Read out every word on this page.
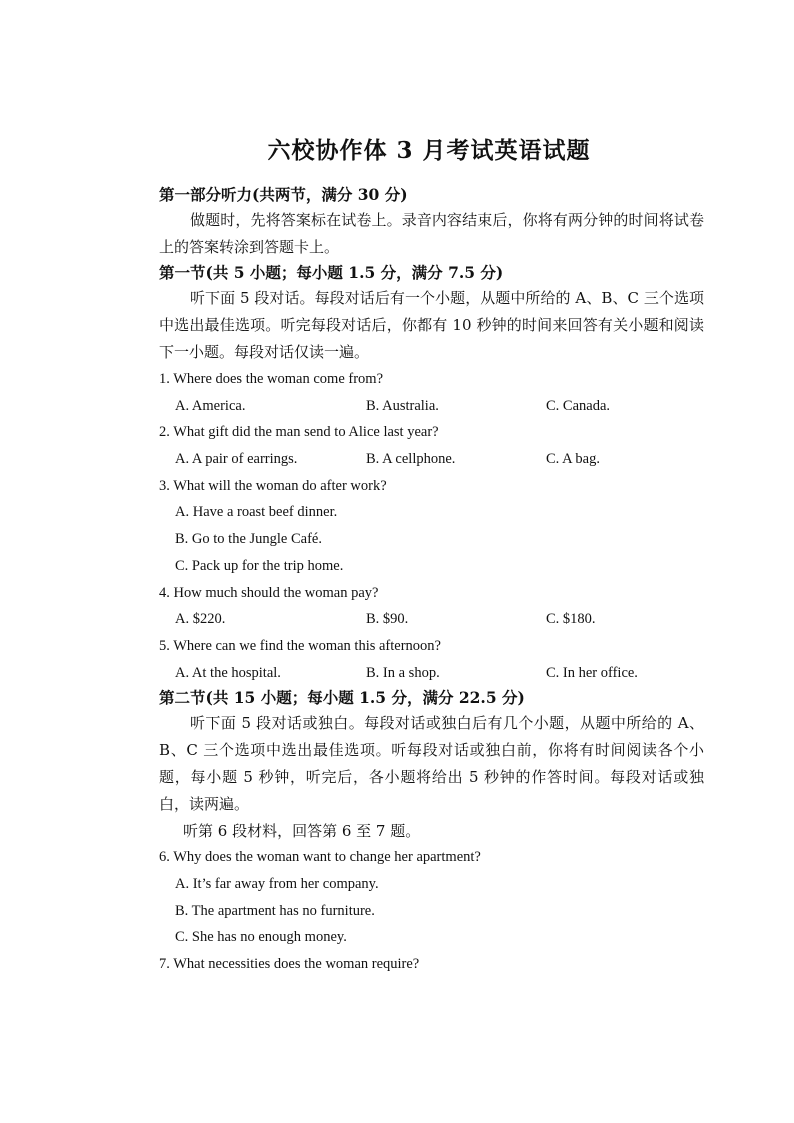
六校协作体 3 月考试英语试题
第一部分听力(共两节，满分 30 分)
做题时，先将答案标在试卷上。录音内容结束后，你将有两分钟的时间将试卷上的答案转涂到答题卡上。
第一节(共 5 小题；每小题 1.5 分，满分 7.5 分)
听下面 5 段对话。每段对话后有一个小题，从题中所给的 A、B、C 三个选项中选出最佳选项。听完每段对话后，你都有 10 秒钟的时间来回答有关小题和阅读下一小题。每段对话仅读一遍。
1. Where does the woman come from?
A. America.	B. Australia.	C. Canada.
2. What gift did the man send to Alice last year?
A. A pair of earrings.	B. A cellphone.	C. A bag.
3. What will the woman do after work?
A. Have a roast beef dinner.
B. Go to the Jungle Café.
C. Pack up for the trip home.
4. How much should the woman pay?
A. $220.	B. $90.	C. $180.
5. Where can we find the woman this afternoon?
A. At the hospital.	B. In a shop.	C. In her office.
第二节(共 15 小题；每小题 1.5 分，满分 22.5 分)
听下面 5 段对话或独白。每段对话或独白后有几个小题，从题中所给的 A、B、C 三个选项中选出最佳选项。听每段对话或独白前，你将有时间阅读各个小题，每小题 5 秒钟，听完后，各小题将给出 5 秒钟的作答时间。每段对话或独白，读两遍。
听第 6 段材料，回答第 6 至 7 题。
6. Why does the woman want to change her apartment?
A. It’s far away from her company.
B. The apartment has no furniture.
C. She has no enough money.
7. What necessities does the woman require?
